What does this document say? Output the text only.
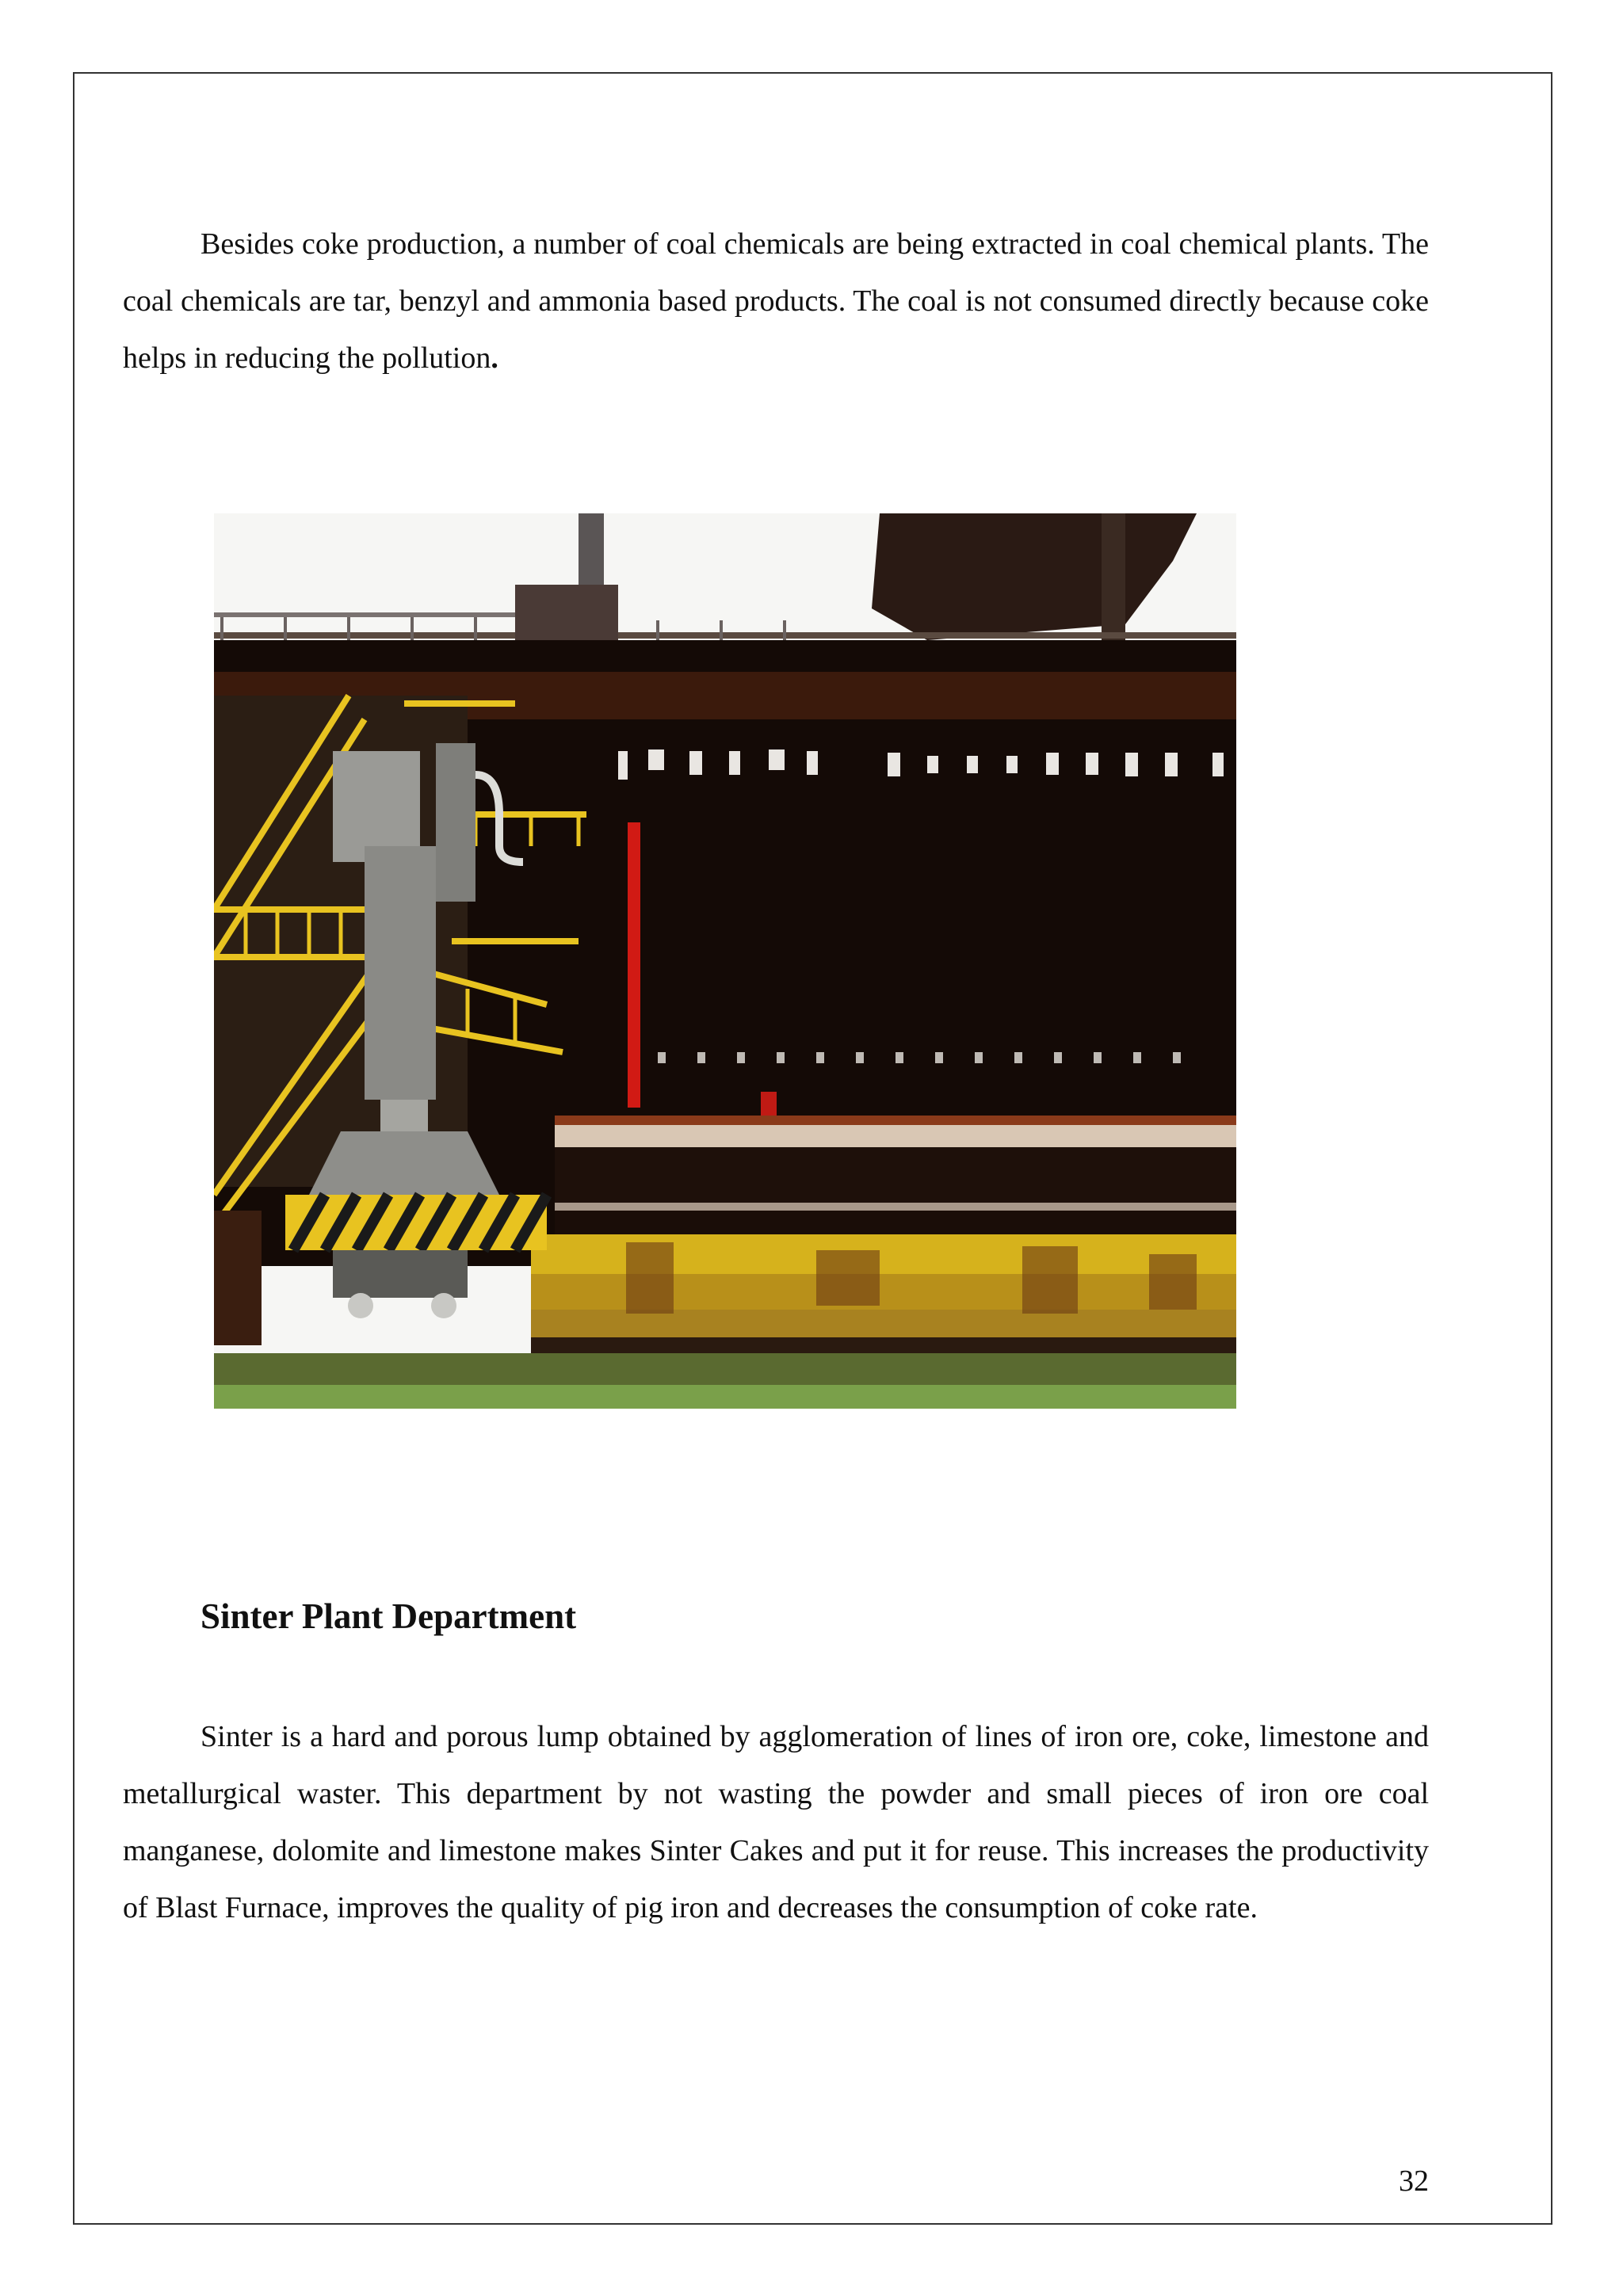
Besides coke production, a number of coal chemicals are being extracted in coal chemical plants. The coal chemicals are tar, benzyl and ammonia based products. The coal is not consumed directly because coke helps in reducing the pollution.

Sinter Plant Department

Sinter is a hard and porous lump obtained by agglomeration of lines of iron ore, coke, limestone and metallurgical waster. This department by not wasting the powder and small pieces of iron ore coal manganese, dolomite and limestone makes Sinter Cakes and put it for reuse. This increases the productivity of Blast Furnace, improves the quality of pig iron and decreases the consumption of coke rate.

32
